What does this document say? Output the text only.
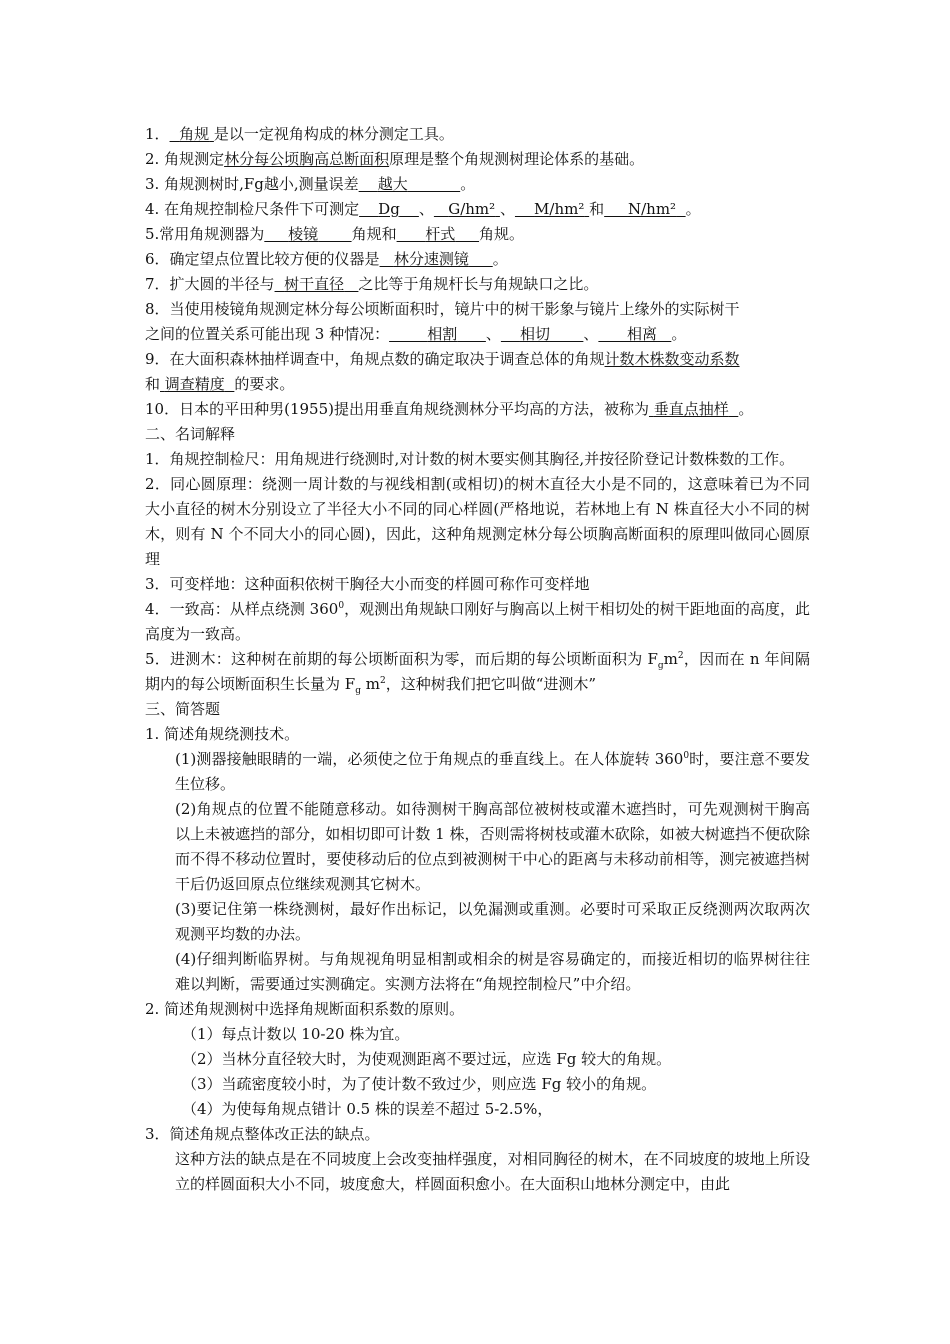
1． 角规 是以一定视角构成的林分测定工具。
2. 角规测定林分每公顷胸高总断面积原理是整个角规测树理论体系的基础。
3. 角规测树时,Fg越小,测量误差 越大	。
4. 在角规控制检尺条件下可测定 Dg 、 G/hm² 、 M/hm² 和 N/hm² 。
5.常用角规测器为 棱镜 角规和 杆式 角规。
6．确定望点位置比较方便的仪器是 林分速测镜 。
7．扩大圆的半径与 树干直径 之比等于角规杆长与角规缺口之比。
8．当使用棱镜角规测定林分每公顷断面积时，镜片中的树干影象与镜片上缘外的实际树干
之间的位置关系可能出现 3 种情况：	相割 、 相切 、 相离 。
9．在大面积森林抽样调查中，角规点数的确定取决于调查总体的角规计数木株数变动系数
和 调查精度 的要求。
10．日本的平田种男(1955)提出用垂直角规绕测林分平均高的方法，被称为 垂直点抽样 。
二、名词解释
1．角规控制检尺：用角规进行绕测时,对计数的树木要实侧其胸径,并按径阶登记计数株数的工作。
2．同心圆原理：绕测一周计数的与视线相割(或相切)的树木直径大小是不同的，这意味着已为不同大小直径的树木分别设立了半径大小不同的同心样圆(严格地说，若林地上有 N 株直径大小不同的树木，则有 N 个不同大小的同心圆)，因此，这种角规测定林分每公顷胸高断面积的原理叫做同心圆原理
3．可变样地：这种面积依树干胸径大小而变的样圆可称作可变样地
4．一致高：从样点绕测 $360^0$，观测出角规缺口刚好与胸高以上树干相切处的树干距地面的高度，此高度为一致高。
5．进测木：这种树在前期的每公顷断面积为零，而后期的每公顷断面积为 $F_gm^2$，因而在 n 年间隔期内的每公顷断面积生长量为 $F_g$ $m^2$，这种树我们把它叫做“进测木”
三、简答题
1. 简述角规绕测技术。
(1)测器接触眼睛的一端，必须使之位于角规点的垂直线上。在人体旋转 $360^0$时，要注意不要发生位移。
(2)角规点的位置不能随意移动。如待测树干胸高部位被树枝或灌木遮挡时，可先观测树干胸高以上未被遮挡的部分，如相切即可计数 1 株，否则需将树枝或灌木砍除，如被大树遮挡不便砍除而不得不移动位置时，要使移动后的位点到被测树干中心的距离与未移动前相等，测完被遮挡树干后仍返回原点位继续观测其它树木。
(3)要记住第一株绕测树，最好作出标记，以免漏测或重测。必要时可采取正反绕测两次取两次观测平均数的办法。
(4)仔细判断临界树。与角规视角明显相割或相余的树是容易确定的，而接近相切的临界树往往难以判断，需要通过实测确定。实测方法将在“角规控制检尺”中介绍。
2. 简述角规测树中选择角规断面积系数的原则。
（1）每点计数以 10-20 株为宜。
（2）当林分直径较大时，为使观测距离不要过远，应选 Fg 较大的角规。
（3）当疏密度较小时，为了使计数不致过少，则应选 Fg 较小的角规。
（4）为使每角规点错计 0.5 株的误差不超过 5-2.5%，
3．简述角规点整体改正法的缺点。
这种方法的缺点是在不同坡度上会改变抽样强度，对相同胸径的树木，在不同坡度的坡地上所设立的样圆面积大小不同，坡度愈大，样圆面积愈小。在大面积山地林分测定中，由此
